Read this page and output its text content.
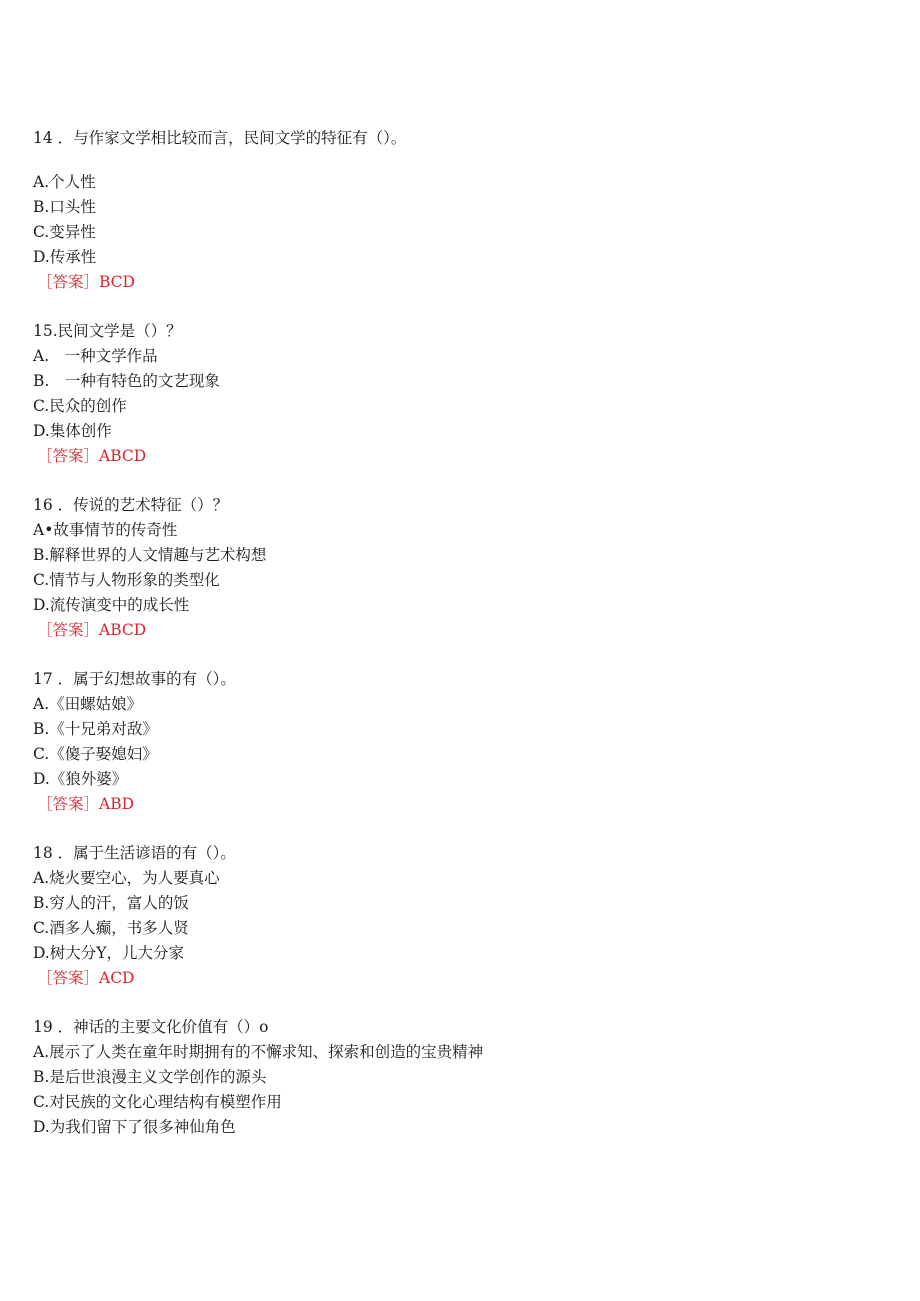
14 ．与作家文学相比较而言，民间文学的特征有（）。
A.个人性
B.口头性
C.变异性
D.传承性
［答案］BCD
15.民间文学是（）？
A.　一种文学作品
B.　一种有特色的文艺现象
C.民众的创作
D.集体创作
［答案］ABCD
16 ．传说的艺术特征（）？
A•故事情节的传奇性
B.解释世界的人文情趣与艺术构想
C.情节与人物形象的类型化
D.流传演变中的成长性
［答案］ABCD
17 ．属于幻想故事的有（）。
A.《田螺姑娘》
B.《十兄弟对敌》
C.《傻子娶媳妇》
D.《狼外婆》
［答案］ABD
18 ．属于生活谚语的有（）。
A.烧火要空心，为人要真心
B.穷人的汗，富人的饭
C.酒多人癫，书多人贤
D.树大分Y，儿大分家
［答案］ACD
19 ．神话的主要文化价值有（）o
A.展示了人类在童年时期拥有的不懈求知、探索和创造的宝贵精神
B.是后世浪漫主义文学创作的源头
C.对民族的文化心理结构有模塑作用
D.为我们留下了很多神仙角色
